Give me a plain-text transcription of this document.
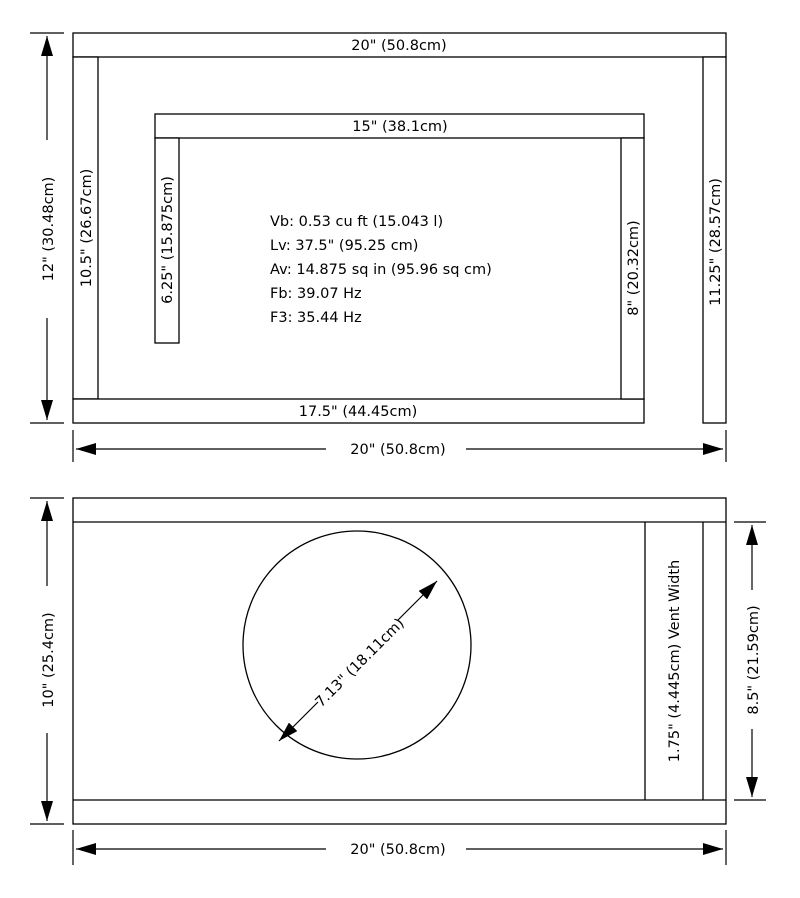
20" (50.8cm)
10.5" (26.67cm)	11.25" (28.57cm)
17.5" (44.45cm)
15" (38.1cm)
6.25" (15.875cm)	8" (20.32cm)
Vb: 0.53 cu ft (15.043 l)
Lv: 37.5" (95.25 cm)
Av: 14.875 sq in (95.96 sq cm)
Fb: 39.07 Hz
F3: 35.44 Hz
12" (30.48cm)
20" (50.8cm)
1.75" (4.445cm) Vent Width
7.13" (18.11cm)
10" (25.4cm)	8.5" (21.59cm)
20" (50.8cm)
